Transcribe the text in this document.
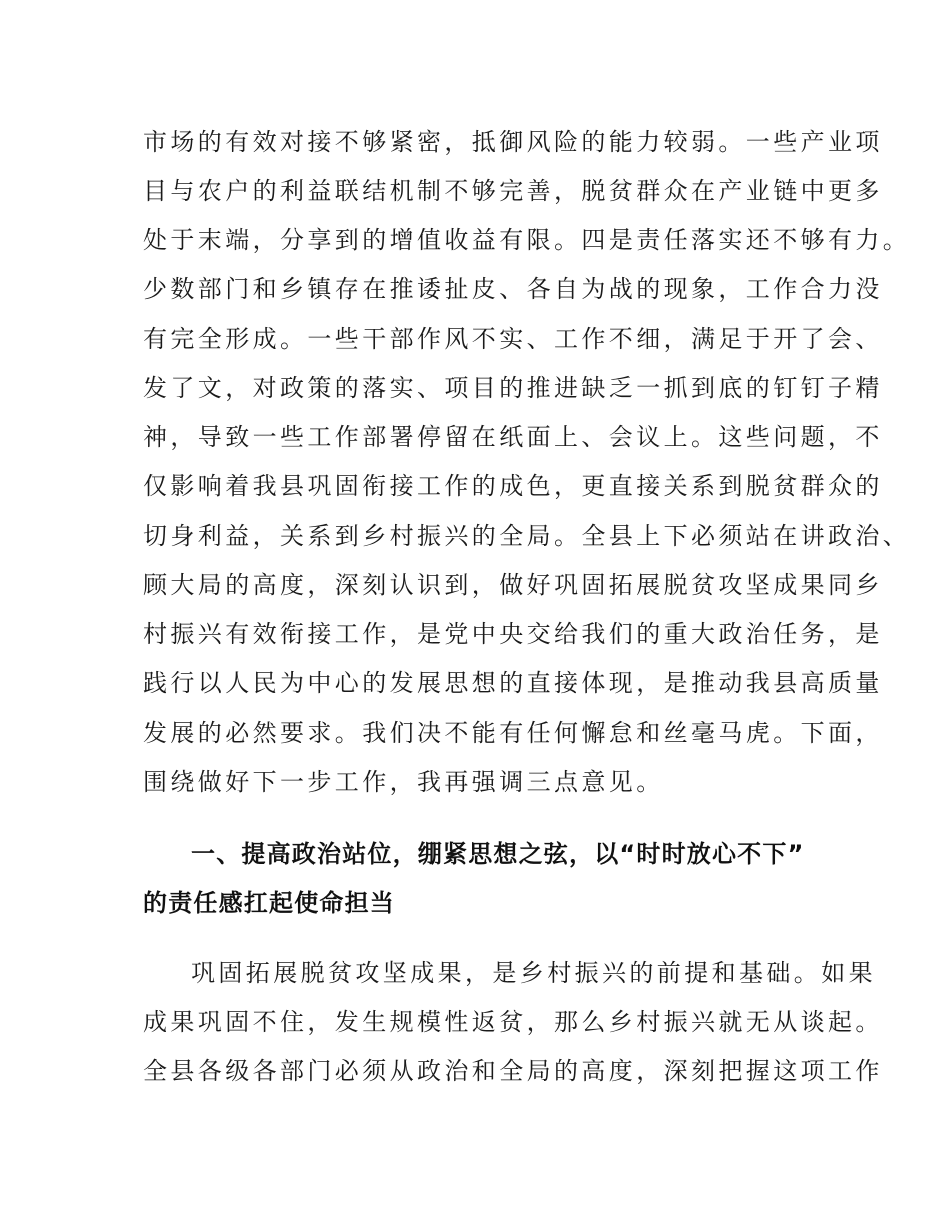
市场的有效对接不够紧密，抵御风险的能力较弱。一些产业项
目与农户的利益联结机制不够完善，脱贫群众在产业链中更多
处于末端，分享到的增值收益有限。四是责任落实还不够有力。
少数部门和乡镇存在推诿扯皮、各自为战的现象，工作合力没
有完全形成。一些干部作风不实、工作不细，满足于开了会、
发了文，对政策的落实、项目的推进缺乏一抓到底的钉钉子精
神，导致一些工作部署停留在纸面上、会议上。这些问题，不
仅影响着我县巩固衔接工作的成色，更直接关系到脱贫群众的
切身利益，关系到乡村振兴的全局。全县上下必须站在讲政治、
顾大局的高度，深刻认识到，做好巩固拓展脱贫攻坚成果同乡
村振兴有效衔接工作，是党中央交给我们的重大政治任务，是
践行以人民为中心的发展思想的直接体现，是推动我县高质量
发展的必然要求。我们决不能有任何懈怠和丝毫马虎。下面，
围绕做好下一步工作，我再强调三点意见。
一、提高政治站位，绷紧思想之弦，以“时时放心不下”
的责任感扛起使命担当
巩固拓展脱贫攻坚成果，是乡村振兴的前提和基础。如果
成果巩固不住，发生规模性返贫，那么乡村振兴就无从谈起。
全县各级各部门必须从政治和全局的高度，深刻把握这项工作
